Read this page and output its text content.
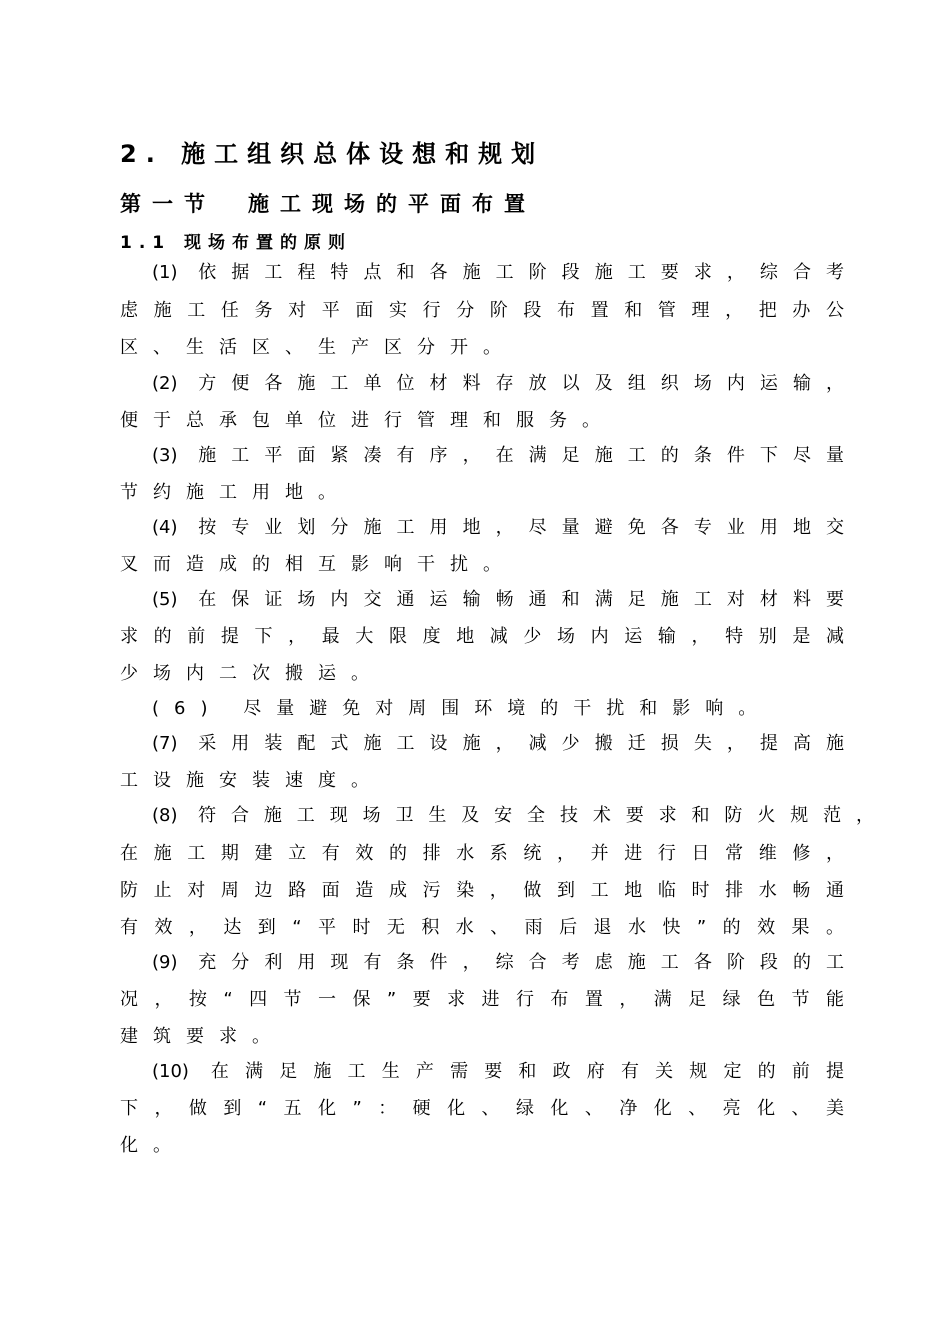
2. 施工组织总体设想和规划
第一节　施工现场的平面布置
1.1 现场布置的原则
(1) 依据工程特点和各施工阶段施工要求，综合考
虑施工任务对平面实行分阶段布置和管理，把办公
区、生活区、生产区分开。
(2) 方便各施工单位材料存放以及组织场内运输，
便于总承包单位进行管理和服务。
(3) 施工平面紧凑有序，在满足施工的条件下尽量
节约施工用地。
(4) 按专业划分施工用地，尽量避免各专业用地交
叉而造成的相互影响干扰。
(5) 在保证场内交通运输畅通和满足施工对材料要
求的前提下，最大限度地减少场内运输，特别是减
少场内二次搬运。
(6) 尽量避免对周围环境的干扰和影响。
(7) 采用装配式施工设施，减少搬迁损失，提高施
工设施安装速度。
(8) 符合施工现场卫生及安全技术要求和防火规范，
在施工期建立有效的排水系统，并进行日常维修，
防止对周边路面造成污染，做到工地临时排水畅通
有效，达到“平时无积水、雨后退水快”的效果。
(9) 充分利用现有条件，综合考虑施工各阶段的工
况，按“四节一保”要求进行布置，满足绿色节能
建筑要求。
(10) 在满足施工生产需要和政府有关规定的前提
下，做到“五化”：硬化、绿化、净化、亮化、美
化。
